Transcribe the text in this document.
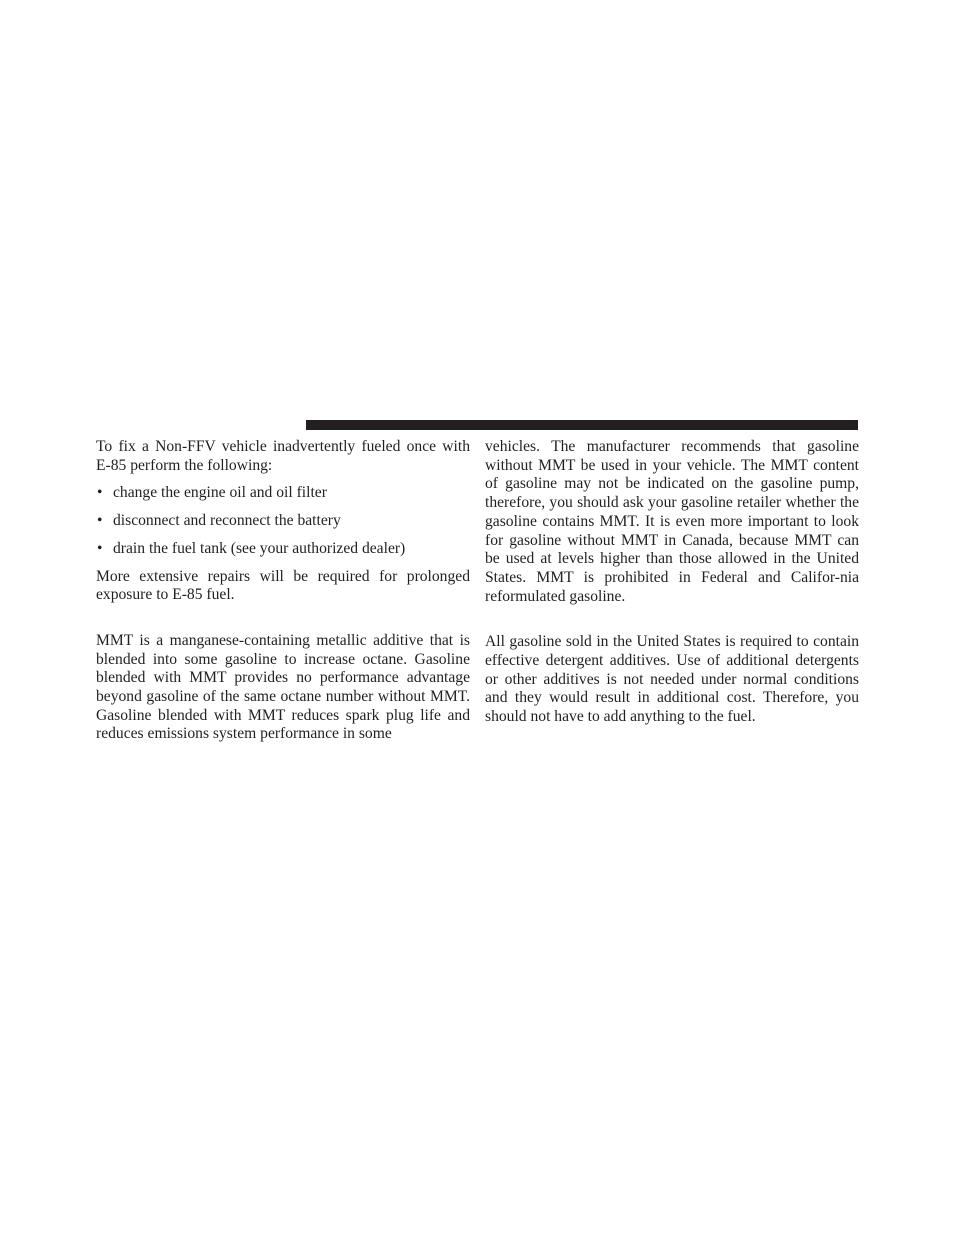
To fix a Non-FFV vehicle inadvertently fueled once with E-85 perform the following:

• change the engine oil and oil filter
• disconnect and reconnect the battery
• drain the fuel tank (see your authorized dealer)

More extensive repairs will be required for prolonged exposure to E-85 fuel.

MMT is a manganese-containing metallic additive that is blended into some gasoline to increase octane. Gasoline blended with MMT provides no performance advantage beyond gasoline of the same octane number without MMT. Gasoline blended with MMT reduces spark plug life and reduces emissions system performance in some

vehicles. The manufacturer recommends that gasoline without MMT be used in your vehicle. The MMT content of gasoline may not be indicated on the gasoline pump, therefore, you should ask your gasoline retailer whether the gasoline contains MMT. It is even more important to look for gasoline without MMT in Canada, because MMT can be used at levels higher than those allowed in the United States. MMT is prohibited in Federal and Califor-nia reformulated gasoline.

All gasoline sold in the United States is required to contain effective detergent additives. Use of additional detergents or other additives is not needed under normal conditions and they would result in additional cost. Therefore, you should not have to add anything to the fuel.
